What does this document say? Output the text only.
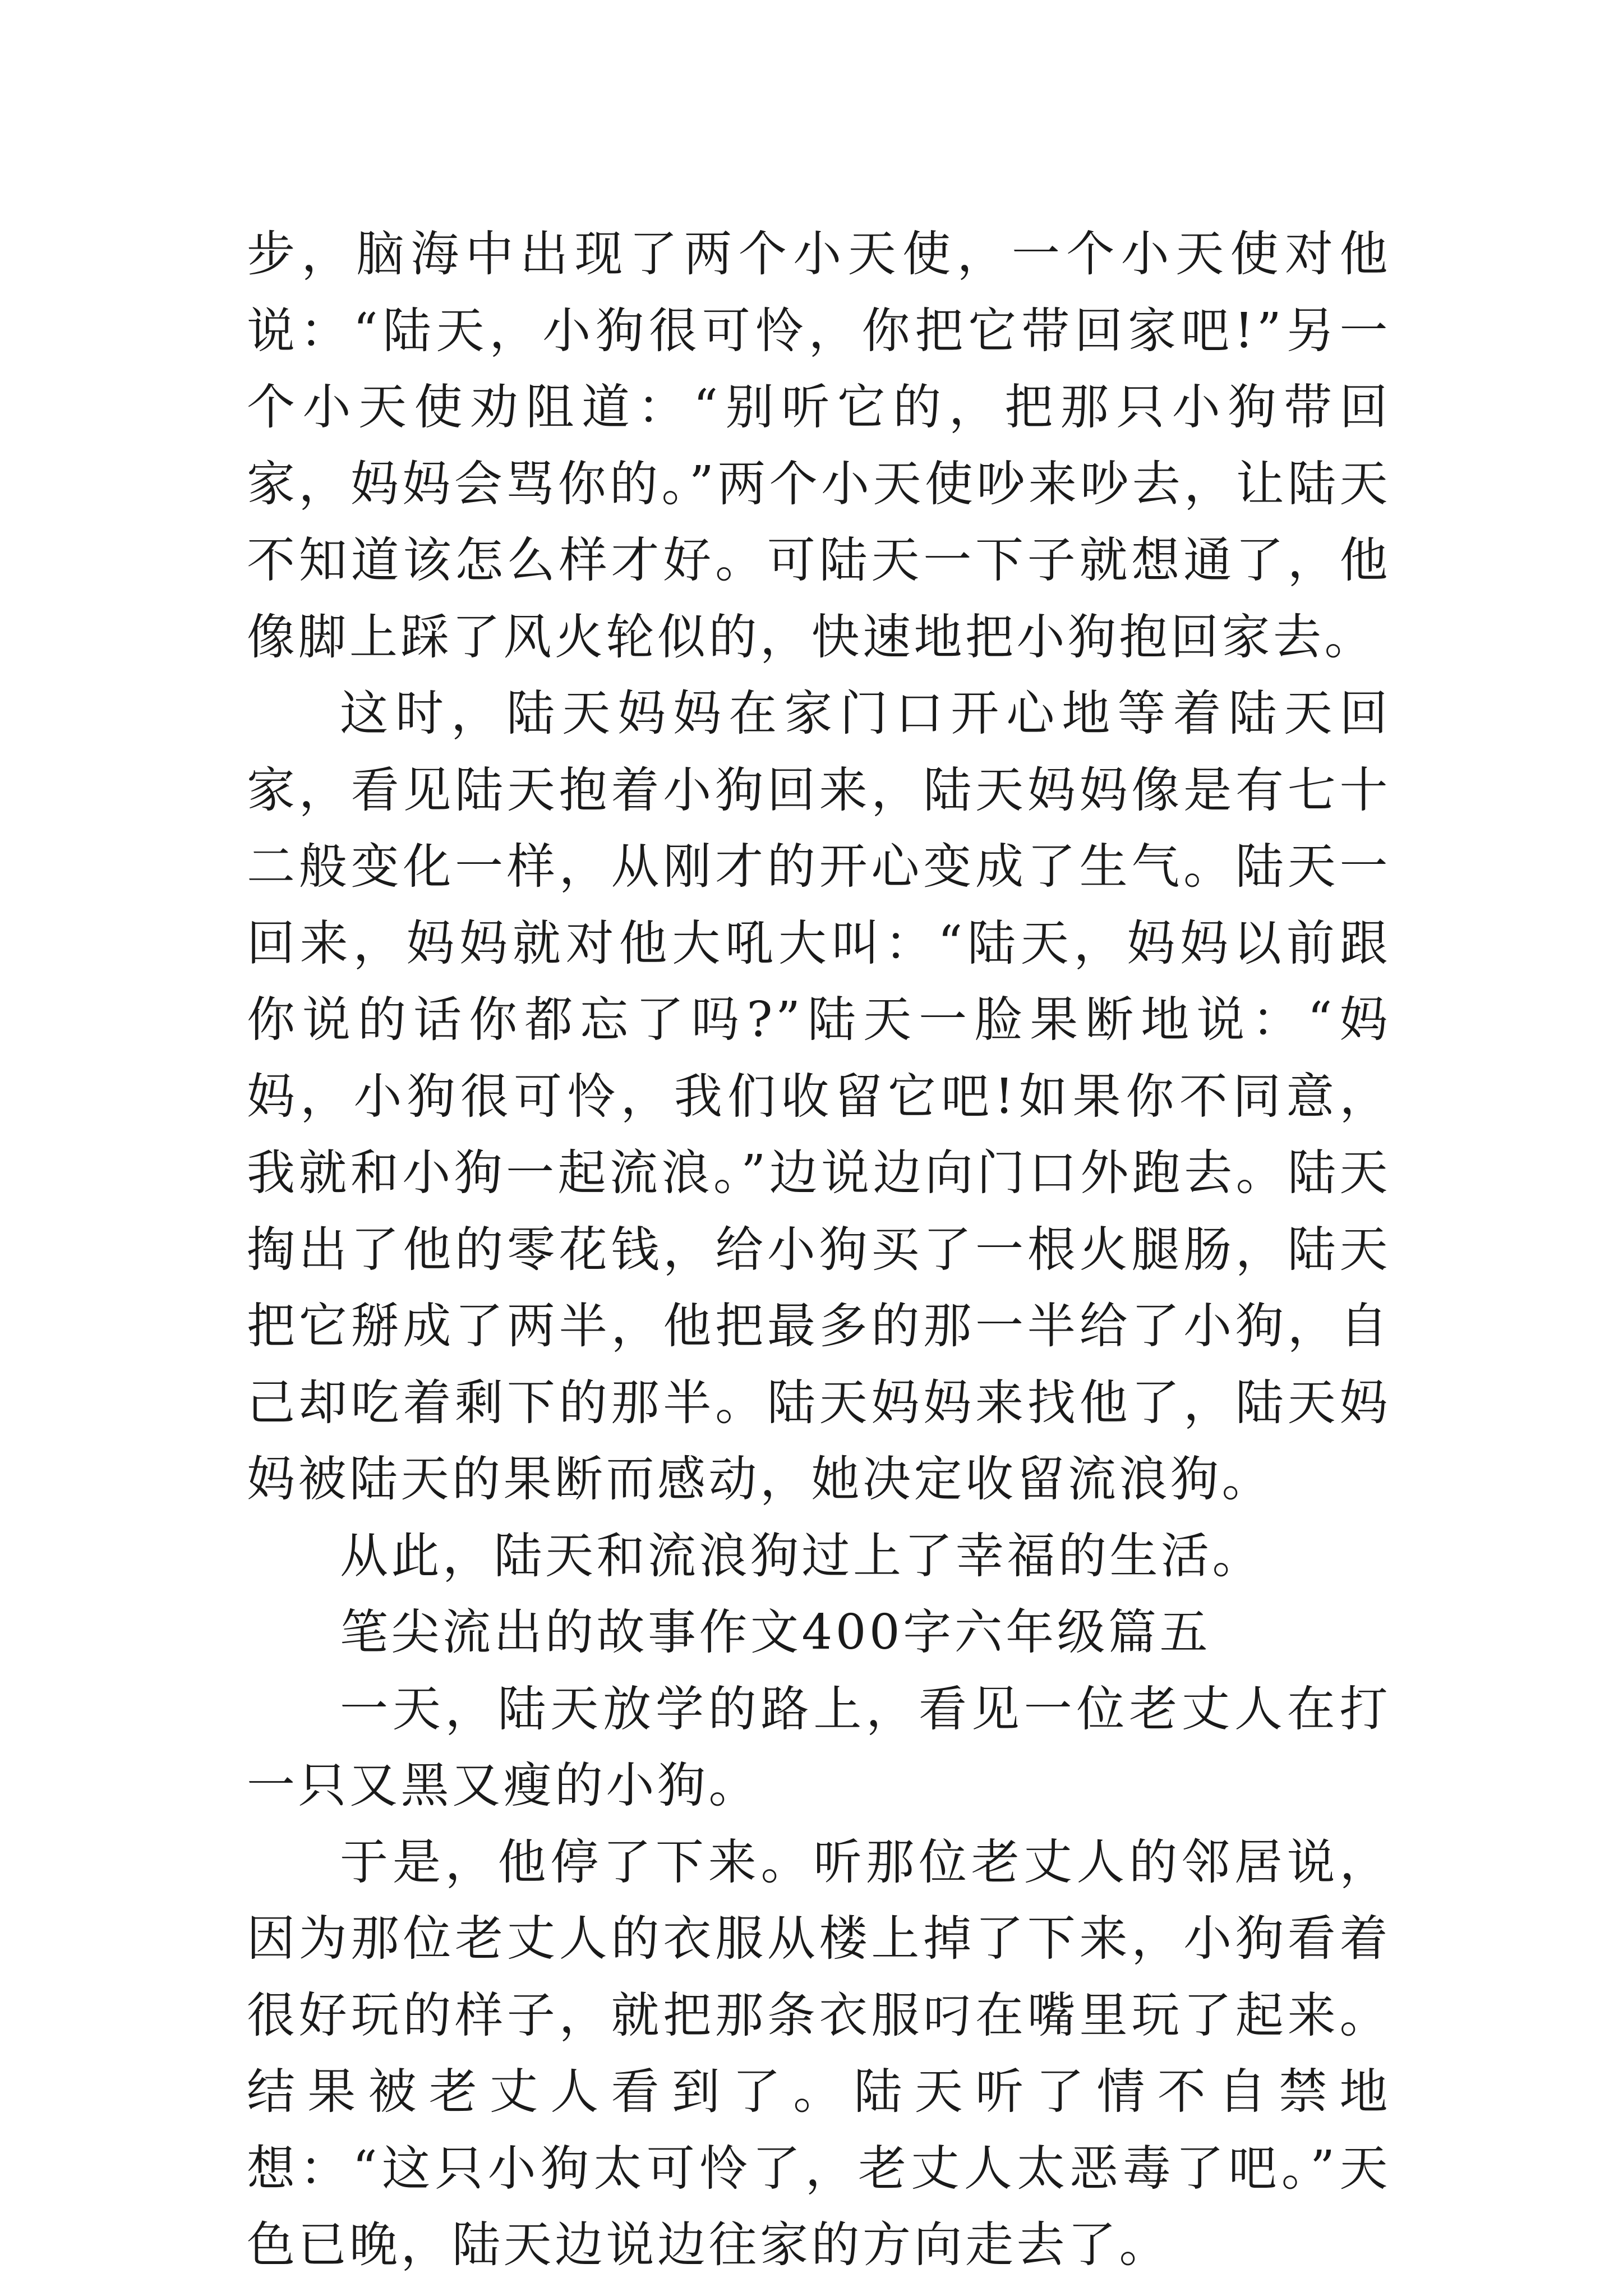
步，脑海中出现了两个小天使，一个小天使对他说：“陆天，小狗很可怜，你把它带回家吧!”另一个小天使劝阻道：“别听它的，把那只小狗带回家，妈妈会骂你的。”两个小天使吵来吵去，让陆天不知道该怎么样才好。可陆天一下子就想通了，他像脚上踩了风火轮似的，快速地把小狗抱回家去。

这时，陆天妈妈在家门口开心地等着陆天回家，看见陆天抱着小狗回来，陆天妈妈像是有七十二般变化一样，从刚才的开心变成了生气。陆天一回来，妈妈就对他大吼大叫：“陆天，妈妈以前跟你说的话你都忘了吗?”陆天一脸果断地说：“妈妈，小狗很可怜，我们收留它吧!如果你不同意，我就和小狗一起流浪。”边说边向门口外跑去。陆天掏出了他的零花钱，给小狗买了一根火腿肠，陆天把它掰成了两半，他把最多的那一半给了小狗，自己却吃着剩下的那半。陆天妈妈来找他了，陆天妈妈被陆天的果断而感动，她决定收留流浪狗。

从此，陆天和流浪狗过上了幸福的生活。

笔尖流出的故事作文400字六年级篇五

一天，陆天放学的路上，看见一位老丈人在打一只又黑又瘦的小狗。

于是，他停了下来。听那位老丈人的邻居说，因为那位老丈人的衣服从楼上掉了下来，小狗看着很好玩的样子，就把那条衣服叼在嘴里玩了起来。结果被老丈人看到了。陆天听了情不自禁地想：“这只小狗太可怜了，老丈人太恶毒了吧。”天色已晚，陆天边说边往家的方向走去了。
